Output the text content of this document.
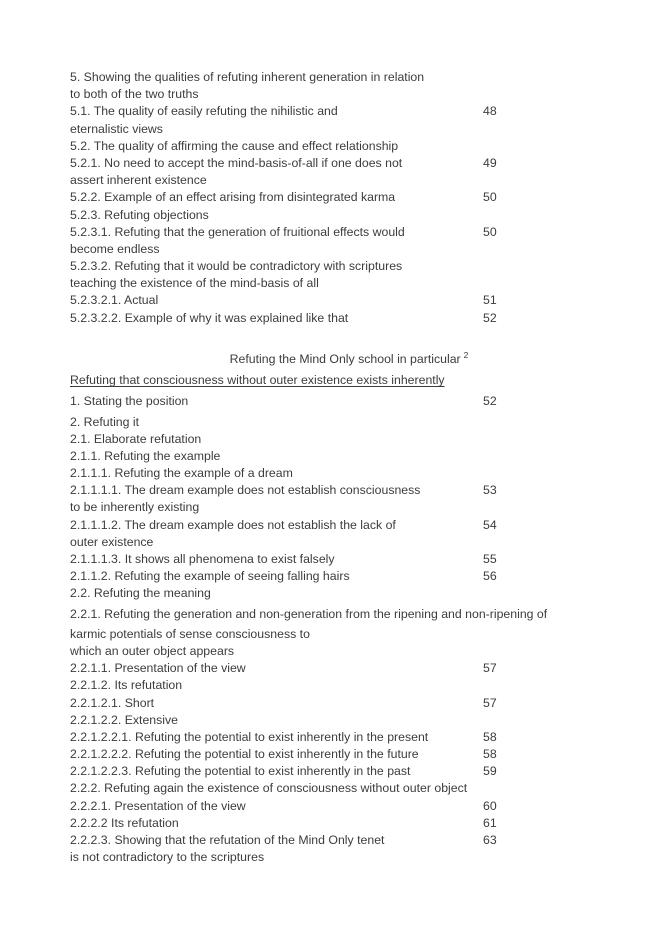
5. Showing the qualities of refuting inherent generation in relation
to both of the two truths
5.1. The quality of easily refuting the nihilistic and	48
eternalistic views
5.2. The quality of affirming the cause and effect relationship
5.2.1. No need to accept the mind-basis-of-all if one does not	49
assert inherent existence
5.2.2. Example of an effect arising from disintegrated karma	50
5.2.3. Refuting objections
5.2.3.1. Refuting that the generation of fruitional effects would	50
become endless
5.2.3.2. Refuting that it would be contradictory with scriptures
teaching the existence of the mind-basis of all
5.2.3.2.1. Actual	51
5.2.3.2.2. Example of why it was explained like that	52
Refuting the Mind Only school in particular $^2$
Refuting that consciousness without outer existence exists inherently
1. Stating the position	52
2. Refuting it
2.1. Elaborate refutation
2.1.1. Refuting the example
2.1.1.1. Refuting the example of a dream
2.1.1.1.1. The dream example does not establish consciousness	53
to be inherently existing
2.1.1.1.2. The dream example does not establish the lack of	54
outer existence
2.1.1.1.3. It shows all phenomena to exist falsely	55
2.1.1.2. Refuting the example of seeing falling hairs	56
2.2. Refuting the meaning
2.2.1. Refuting the generation and non-generation from the ripening and non-ripening of
karmic potentials of sense consciousness to
which an outer object appears
2.2.1.1. Presentation of the view	57
2.2.1.2. Its refutation
2.2.1.2.1. Short	57
2.2.1.2.2. Extensive
2.2.1.2.2.1. Refuting the potential to exist inherently in the present	58
2.2.1.2.2.2. Refuting the potential to exist inherently in the future	58
2.2.1.2.2.3. Refuting the potential to exist inherently in the past	59
2.2.2. Refuting again the existence of consciousness without outer object
2.2.2.1. Presentation of the view	60
2.2.2.2 Its refutation	61
2.2.2.3. Showing that the refutation of the Mind Only tenet	63
is not contradictory to the scriptures
